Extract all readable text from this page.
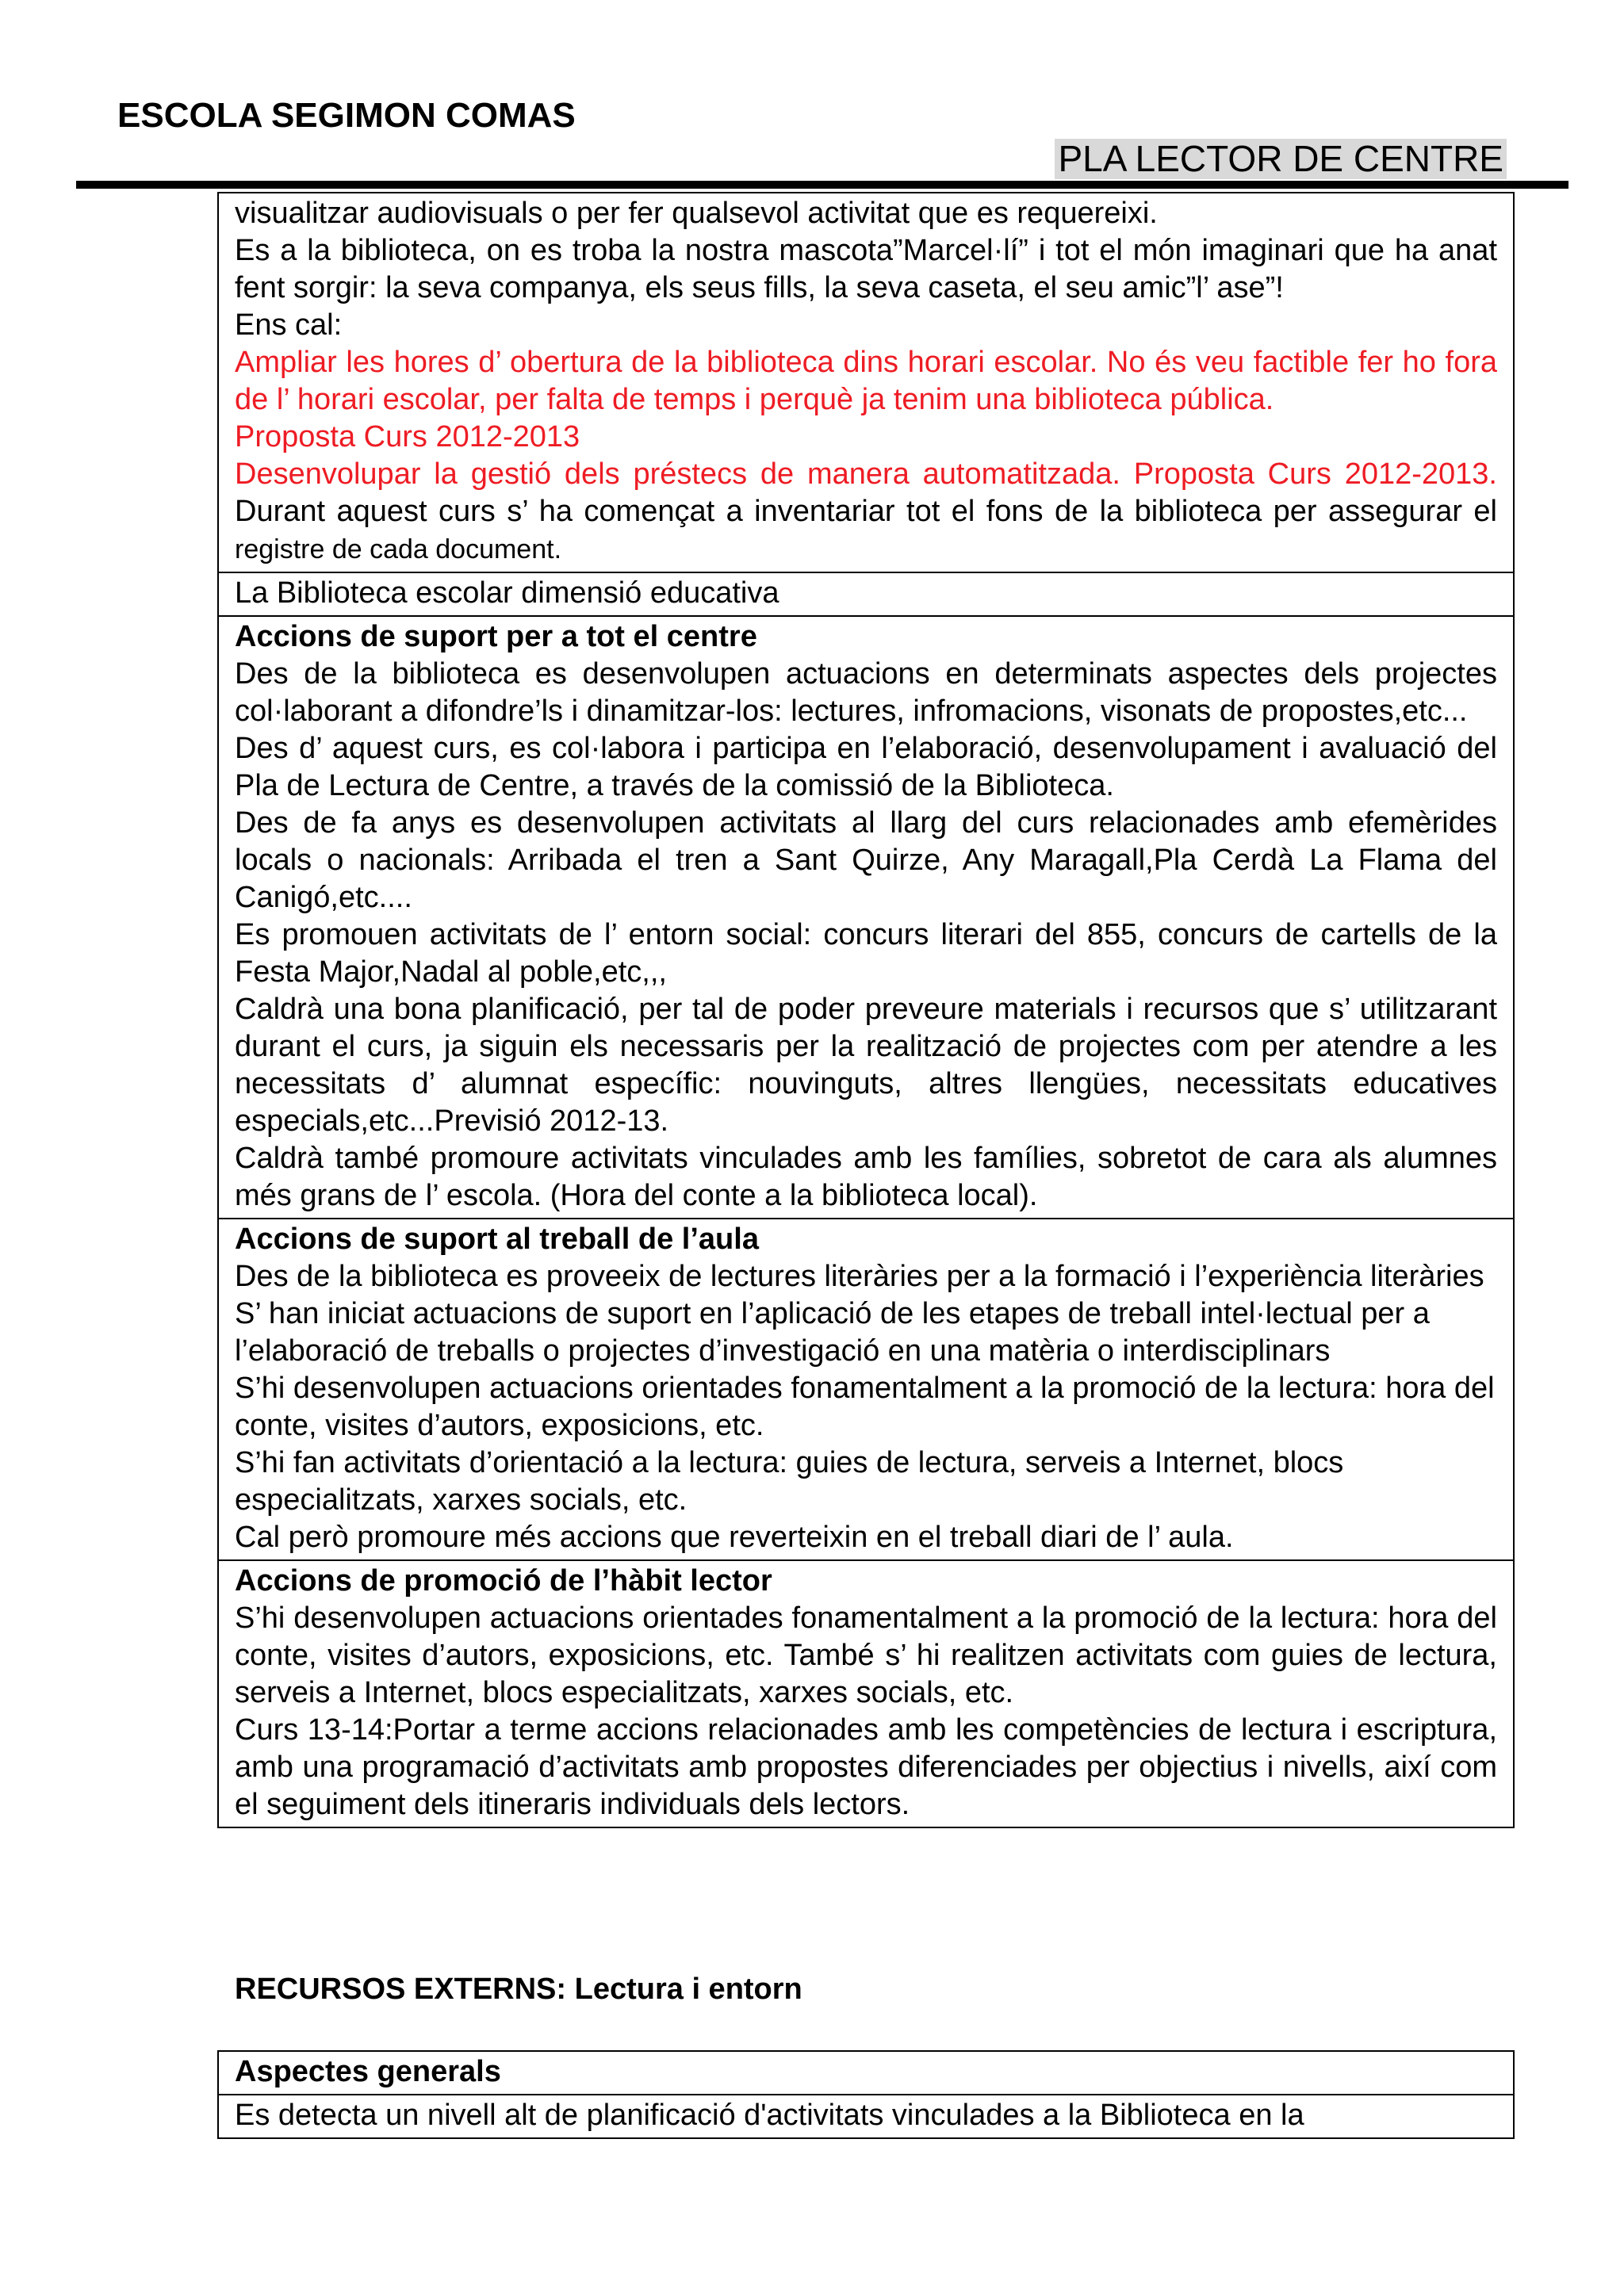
ESCOLA SEGIMON COMAS
PLA LECTOR DE CENTRE

visualitzar audiovisuals o per fer qualsevol activitat que es requereixi.

Es a la biblioteca, on es troba la nostra mascota”Marcel·lí” i tot el món imaginari que ha anat fent sorgir: la seva companya, els seus fills, la seva caseta, el seu amic”l’ ase”!

Ens cal:

Ampliar les hores d’ obertura de la biblioteca dins horari escolar. No és veu factible fer ho fora de l’ horari escolar, per falta de temps i perquè ja tenim una biblioteca pública.

Proposta Curs 2012-2013

Desenvolupar la gestió dels préstecs de manera automatitzada. Proposta Curs 2012-2013. Durant aquest curs s’ ha començat a inventariar tot el fons de la biblioteca per assegurar el registre de cada document.

La Biblioteca escolar dimensió educativa

Accions de suport per a tot el centre

Des de la biblioteca es desenvolupen actuacions en determinats aspectes dels projectes col·laborant a difondre’ls i dinamitzar-los: lectures, infromacions, visonats de propostes,etc...

Des d’ aquest curs, es col·labora i participa en l’elaboració, desenvolupament i avaluació del Pla de Lectura de Centre, a través de la comissió de la Biblioteca.

Des de fa anys es desenvolupen activitats al llarg del curs relacionades amb efemèrides locals o nacionals: Arribada el tren a Sant Quirze, Any Maragall,Pla Cerdà La Flama del Canigó,etc....

Es promouen activitats de l’ entorn social: concurs literari del 855, concurs de cartells de la Festa Major,Nadal al poble,etc,,,

Caldrà una bona planificació, per tal de poder preveure materials i recursos que s’ utilitzarant durant el curs, ja siguin els necessaris per la realització de projectes com per atendre a les necessitats d’ alumnat específic: nouvinguts, altres llengües, necessitats educatives especials,etc...Previsió 2012-13.

Caldrà també promoure activitats vinculades amb les famílies, sobretot de cara als alumnes més grans de l’ escola. (Hora del conte a la biblioteca local).

Accions de suport al treball de l’aula

Des de la biblioteca es proveeix de lectures literàries per a la formació i l’experiència literàries

S’ han iniciat actuacions de suport en l’aplicació de les etapes de treball intel·lectual per a l’elaboració de treballs o projectes d’investigació en una matèria o interdisciplinars

S’hi desenvolupen actuacions orientades fonamentalment a la promoció de la lectura: hora del conte, visites d’autors, exposicions, etc.

S’hi fan activitats d’orientació a la lectura: guies de lectura, serveis a Internet, blocs especialitzats, xarxes socials, etc.

Cal però promoure més accions que reverteixin en el treball diari de l’ aula.

Accions de promoció de l’hàbit lector

S’hi desenvolupen actuacions orientades fonamentalment a la promoció de la lectura: hora del conte, visites d’autors, exposicions, etc. També s’ hi realitzen activitats com guies de lectura, serveis a Internet, blocs especialitzats, xarxes socials, etc.

Curs 13-14:Portar a terme accions relacionades amb les competències de lectura i escriptura, amb una programació d’activitats amb propostes diferenciades per objectius i nivells, així com el seguiment dels itineraris individuals dels lectors.

RECURSOS EXTERNS: Lectura i entorn
Aspectes generals

Es detecta un nivell alt de planificació d'activitats vinculades a la Biblioteca en la
